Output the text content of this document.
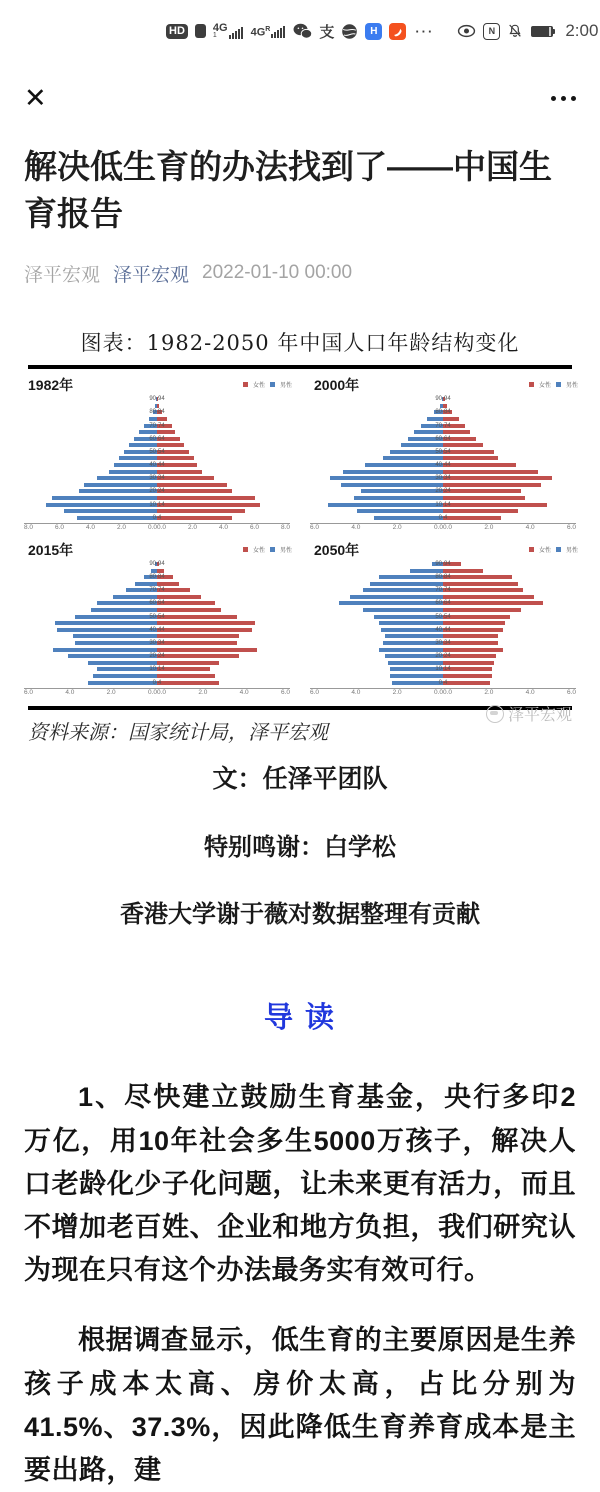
HD	4G
1	$4G^R$	支	H	···	N	2:00
✕
解决低生育的办法找到了——中国生育报告
泽平宏观 泽平宏观 2022-01-10 00:00
图表：1982-2050 年中国人口年龄结构变化
1982年	女性	男性
90-94
80-84
70-74
60-64
50-54
40-44
30-34
20-24
10-14
0-4
8.0	6.0	4.0	2.0	0.0 0.0	2.0	4.0	6.0	8.0
2000年	女性	男性
90-94
80-84
70-74
60-64
50-54
40-44
30-34
20-24
10-14
0-4
6.0	4.0	2.0	0.0 0.0	2.0	4.0	6.0
2015年	女性	男性
90-94
80-84
70-74
60-64
50-54
40-44
30-34
20-24
10-14
0-4
6.0	4.0	2.0	0.0 0.0	2.0	4.0	6.0
2050年	女性	男性
90-94
80-84
70-74
60-64
50-54
40-44
30-34
20-24
10-14
0-4
6.0	4.0	2.0	0.0 0.0	2.0	4.0	6.0
资料来源：国家统计局，泽平宏观
泽平宏观
文：任泽平团队
特别鸣谢：白学松
香港大学谢于薇对数据整理有贡献
导 读

1、尽快建立鼓励生育基金，央行多印2万亿，用10年社会多生5000万孩子，解决人口老龄化少子化问题，让未来更有活力，而且不增加老百姓、企业和地方负担，我们研究认为现在只有这个办法最务实有效可行。

根据调查显示，低生育的主要原因是生养孩子成本太高、房价太高，占比分别为41.5%、37.3%，因此降低生育养育成本是主要出路，建
